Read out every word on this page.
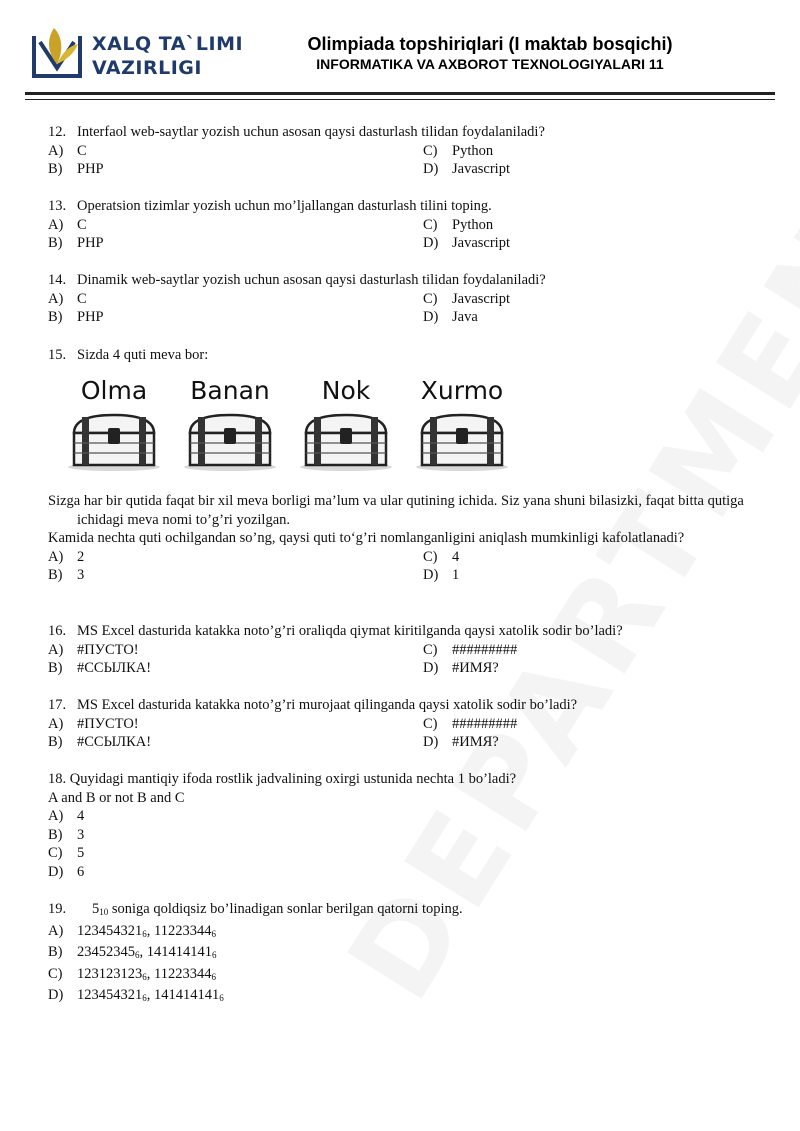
XALQ TA`LIMI
VAZIRLIGI
Olimpiada topshiriqlari (I maktab bosqichi)
INFORMATIKA VA AXBOROT TEXNOLOGIYALARI 11
12. Interfaol web-saytlar yozish uchun asosan qaysi dasturlash tilidan foydalaniladi?
A) C	C)	Python
B)	PHP	D) Javascript
13. Operatsion tizimlar yozish uchun mo’ljallangan dasturlash tilini toping.
A) C	C)	Python
B)	PHP	D) Javascript
14. Dinamik web-saytlar yozish uchun asosan qaysi dasturlash tilidan foydalaniladi?
A) C	C)	Javascript
B)	PHP	D) Java
15. Sizda 4 quti meva bor:
Olma	Banan	Nok	Xurmo
Sizga har bir qutida faqat bir xil meva borligi ma’lum va ular qutining ichida. Siz yana shuni bilasizki, faqat bitta qutiga ichidagi meva nomi to’g’ri yozilgan.
Kamida nechta quti ochilgandan so’ng, qaysi quti to‘g’ri nomlanganligini aniqlash mumkinligi kafolatlanadi?
A) 2	C)	4
B)	3	D) 1
16. MS Excel dasturida katakka noto’g’ri oraliqda qiymat kiritilganda qaysi xatolik sodir bo’ladi?
A) #ПУСТО!	C)	#########
B)	#ССЫЛКА!	D) #ИМЯ?
17. MS Excel dasturida katakka noto’g’ri murojaat qilinganda qaysi xatolik sodir bo’ladi?
A) #ПУСТО!	C)	#########
B)	#ССЫЛКА!	D) #ИМЯ?
18. Quyidagi mantiqiy ifoda rostlik jadvalining oxirgi ustunida nechta 1 bo’ladi?
A and B or not B and C
A) 4
B)	3
C)	5
D) 6
19.	$5_{10}$ soniga qoldiqsiz bo’linadigan sonlar berilgan qatorni toping.
A) $123454321_6$, $11223344_6$
B)	$23452345_6$, $141414141_6$
C)	$123123123_6$, $11223344_6$
D) $123454321_6$, $141414141_6$
